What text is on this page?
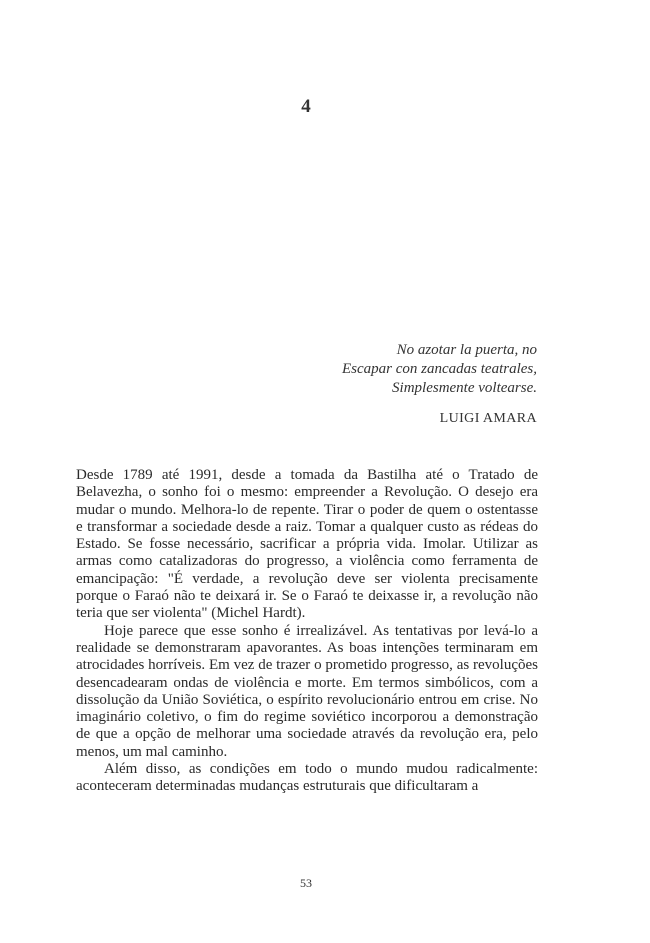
4
No azotar la puerta, no
Escapar con zancadas teatrales,
Simplesmente voltearse.
LUIGI AMARA

Desde 1789 até 1991, desde a tomada da Bastilha até o Tratado de Belavezha, o sonho foi o mesmo: empreender a Revolução. O desejo era mudar o mundo. Melhora-lo de repente. Tirar o poder de quem o ostentasse e transformar a sociedade desde a raiz. Tomar a qualquer custo as rédeas do Estado. Se fosse necessário, sacrificar a própria vida. Imolar. Utilizar as armas como catalizadoras do progresso, a violência como ferramenta de emancipação: "É verdade, a revolução deve ser violenta precisamente porque o Faraó não te deixará ir. Se o Faraó te deixasse ir, a revolução não teria que ser violenta" (Michel Hardt).

Hoje parece que esse sonho é irrealizável. As tentativas por levá-lo a realidade se demonstraram apavorantes. As boas intenções terminaram em atrocidades horríveis. Em vez de trazer o prometido progresso, as revoluções desencadearam ondas de violência e morte. Em termos simbólicos, com a dissolução da União Soviética, o espírito revolucionário entrou em crise. No imaginário coletivo, o fim do regime soviético incorporou a demonstração de que a opção de melhorar uma sociedade através da revolução era, pelo menos, um mal caminho.

Além disso, as condições em todo o mundo mudou radicalmente: aconteceram determinadas mudanças estruturais que dificultaram a

53
